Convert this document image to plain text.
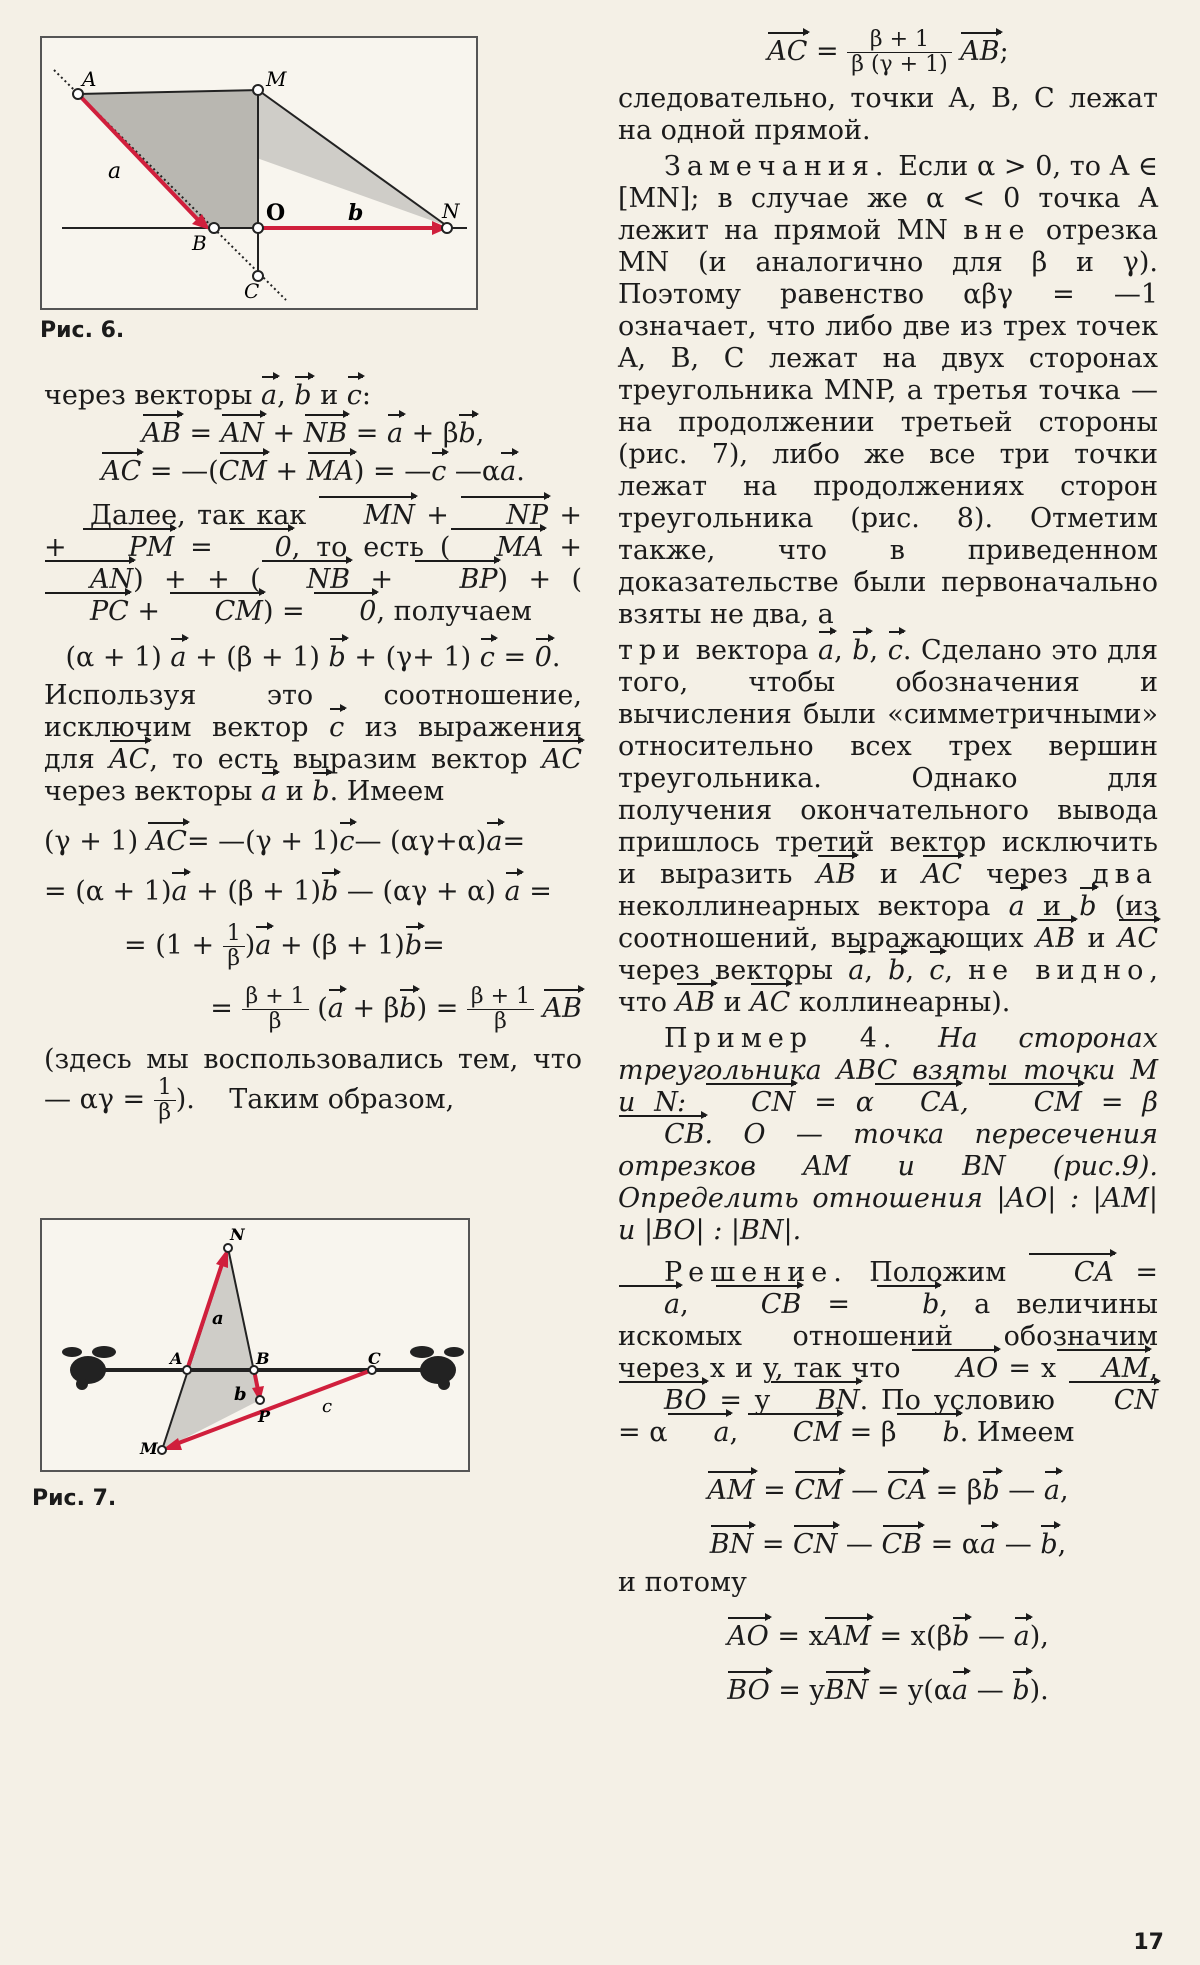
A	M
a
b
O	N
B
C
Рис. 6.

через векторы a, b и c:

AB = AN + NB = a + βb,
AC = —(CM + MA) = —c —αa.

Далее, так как MN + NP + + PM = 0, то есть ( MA + AN) + + ( NB + BP) + (PC + CM) = 0, получаем

(α + 1) a + (β + 1) b + (γ+ 1) c = 0.

Используя это соотношение, исключим вектор c из выражения для AC, то есть выразим вектор AC через векторы a и b. Имеем

(γ + 1) AC= —(γ + 1)c— (αγ+α)a=
= (α + 1)a + (β + 1)b — (αγ + α) a =
= $(1 + \frac{1}{\beta} )a + (\beta + 1)b=$
= $\frac{\beta + 1}{\beta} (a + \beta b) = \frac{\beta + 1}{\beta}$ AB

(здесь мы воспользовались тем, что — $\alpha\gamma = \frac{1}{\beta}$ ).    Таким образом,

N
a
A	B	C
b
P	c
M
Рис. 7.
AC = $\frac{\beta + 1}{\beta (\gamma + 1)}$ AB;

следовательно, точки A, B, C лежат на одной прямой.

Замечания. Если α > 0, то A ∈ [MN]; в случае же α < 0 точка A лежит на прямой MN вне отрезка MN (и аналогично для β и γ). Поэтому равенство αβγ = —1 означает, что либо две из трех точек A, B, C лежат на двух сторонах треугольника MNP, а третья точка — на продолжении третьей стороны (рис. 7), либо же все три точки лежат на продолжениях сторон треугольника (рис. 8). Отметим также, что в приведенном доказательстве были первоначально взяты не два, а

три вектора a, b, c. Сделано это для того, чтобы обозначения и вычисления были «симметричными» относительно всех трех вершин треугольника. Однако для получения окончательного вывода пришлось третий вектор исключить и выразить AB и AC через два неколлинеарных вектора a и b (из соотношений, выражающих AB и AC через векторы a, b, c, не видно, что AB и AC коллинеарны).

Пример 4. На сторонах треугольника ABC взяты точки M и N: CN = α CA, CM = βCB. O — точка пересечения отрезков AM и BN (рис.9). Определить отношения |AO| : |AM| и |BO| : |BN|.

Решение. Положим CA = a, CB = b, а величины искомых отношений обозначим через x и y, так что AO = x AM, BO = y BN. По условию CN = α a, CM = β b. Имеем

AM = CM — CA = βb — a,
BN = CN — CB = αa — b,

и потому

AO = xAM = x(βb — a),
BO = yBN = y(αa — b).
17
